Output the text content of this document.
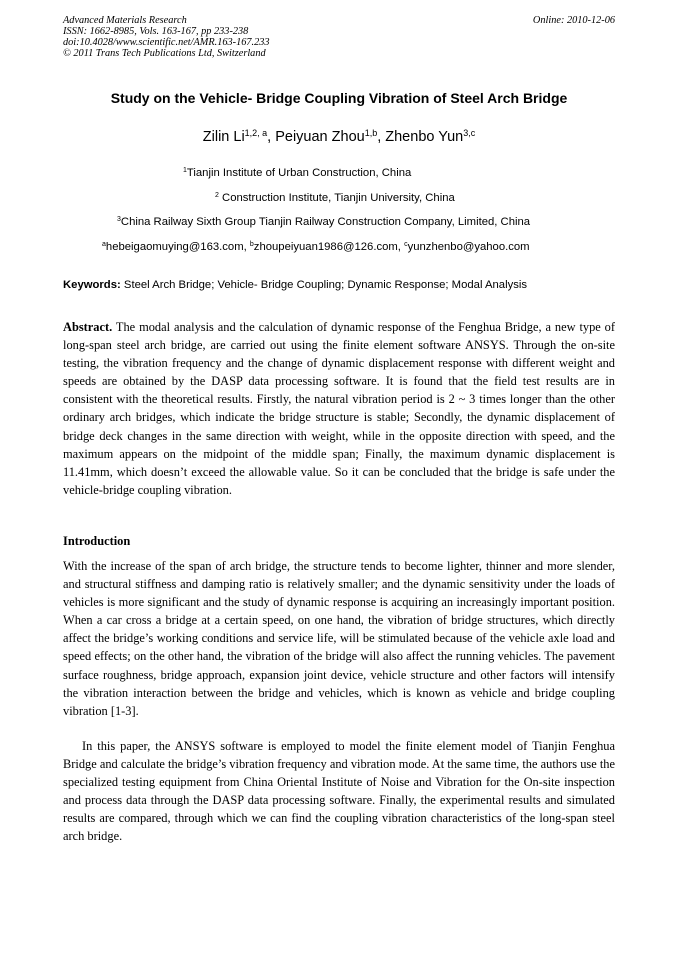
Advanced Materials Research
ISSN: 1662-8985, Vols. 163-167, pp 233-238
doi:10.4028/www.scientific.net/AMR.163-167.233
© 2011 Trans Tech Publications Ltd, Switzerland
Online: 2010-12-06
Study on the Vehicle- Bridge Coupling Vibration of Steel Arch Bridge
Zilin Li$^{1,2, a}$, Peiyuan Zhou$^{1,b}$, Zhenbo Yun$^{3,c}$
$^1$Tianjin Institute of Urban Construction, China
$^2$ Construction Institute, Tianjin University, China
$^3$China Railway Sixth Group Tianjin Railway Construction Company, Limited, China
$^a$hebeigaomuying@163.com, $^b$zhoupeiyuan1986@126.com, $^c$yunzhenbo@yahoo.com
Keywords: Steel Arch Bridge; Vehicle- Bridge Coupling; Dynamic Response; Modal Analysis
Abstract. The modal analysis and the calculation of dynamic response of the Fenghua Bridge, a new type of long-span steel arch bridge, are carried out using the finite element software ANSYS. Through the on-site testing, the vibration frequency and the change of dynamic displacement response with different weight and speeds are obtained by the DASP data processing software. It is found that the field test results are in consistent with the theoretical results. Firstly, the natural vibration period is 2 ~ 3 times longer than the other ordinary arch bridges, which indicate the bridge structure is stable; Secondly, the dynamic displacement of bridge deck changes in the same direction with weight, while in the opposite direction with speed, and the maximum appears on the midpoint of the middle span; Finally, the maximum dynamic displacement is 11.41mm, which doesn’t exceed the allowable value. So it can be concluded that the bridge is safe under the vehicle-bridge coupling vibration.
Introduction
With the increase of the span of arch bridge, the structure tends to become lighter, thinner and more slender, and structural stiffness and damping ratio is relatively smaller; and the dynamic sensitivity under the loads of vehicles is more significant and the study of dynamic response is acquiring an increasingly important position. When a car cross a bridge at a certain speed, on one hand, the vibration of bridge structures, which directly affect the bridge’s working conditions and service life, will be stimulated because of the vehicle axle load and speed effects; on the other hand, the vibration of the bridge will also affect the running vehicles. The pavement surface roughness, bridge approach, expansion joint device, vehicle structure and other factors will intensify the vibration interaction between the bridge and vehicles, which is known as vehicle and bridge coupling vibration [1-3].
In this paper, the ANSYS software is employed to model the finite element model of Tianjin Fenghua Bridge and calculate the bridge’s vibration frequency and vibration mode. At the same time, the authors use the specialized testing equipment from China Oriental Institute of Noise and Vibration for the On-site inspection and process data through the DASP data processing software. Finally, the experimental results and simulated results are compared, through which we can find the coupling vibration characteristics of the long-span steel arch bridge.
